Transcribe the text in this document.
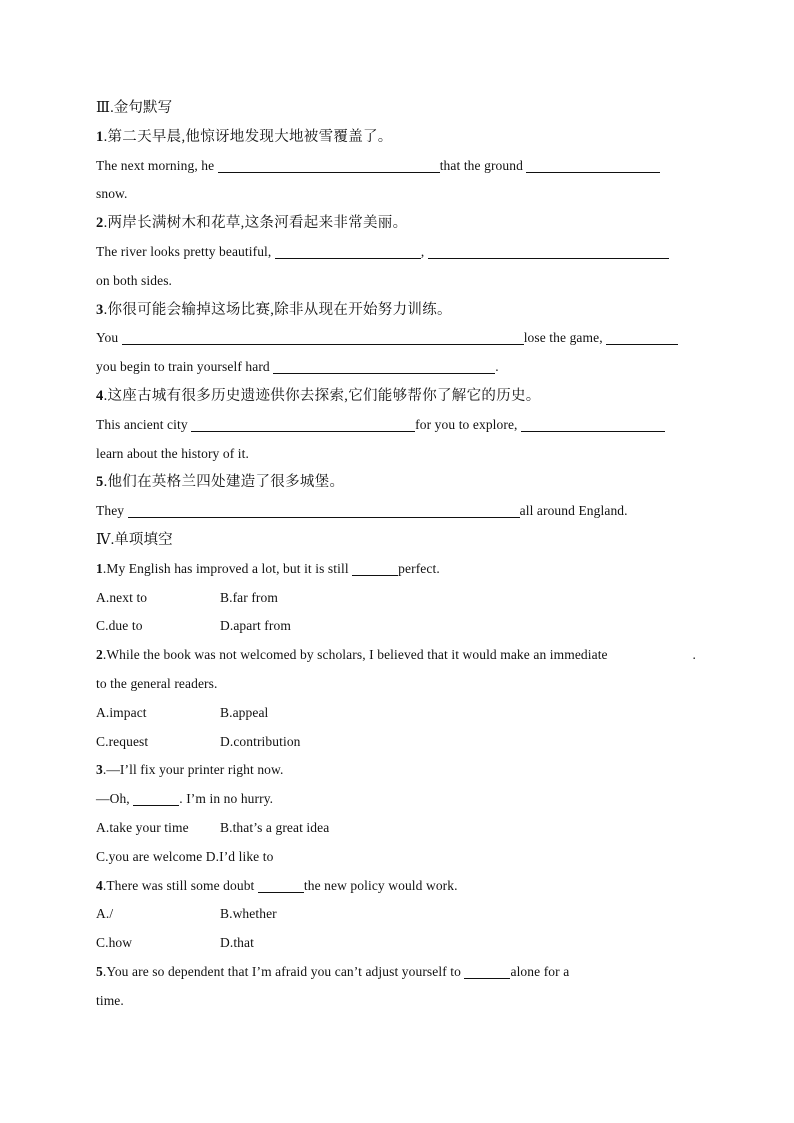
Ⅲ.金句默写
1.第二天早晨,他惊讶地发现大地被雪覆盖了。
The next morning, he	that the ground
snow.
2.两岸长满树木和花草,这条河看起来非常美丽。
The river looks pretty beautiful,	,
on both sides.
3.你很可能会输掉这场比赛,除非从现在开始努力训练。
You	lose the game,
you begin to train yourself hard	.
4.这座古城有很多历史遗迹供你去探索,它们能够帮你了解它的历史。
This ancient city	for you to explore,
learn about the history of it.
5.他们在英格兰四处建造了很多城堡。
They	all around England.
Ⅳ.单项填空
1.My English has improved a lot, but it is still	perfect.
A.next to	B.far from
C.due to	D.apart from
2.While the book was not welcomed by scholars, I believed that it would make an immediate	.
to the general readers.
A.impact	B.appeal
C.request	D.contribution
3.—I’ll fix your printer right now.
—Oh,	. I’m in no hurry.
A.take your time B.that’s a great idea
C.you are welcome D.I’d like to
4.There was still some doubt	the new policy would work.
A./	B.whether
C.how	D.that
5.You are so dependent that I’m afraid you can’t adjust yourself to	alone for a
time.
